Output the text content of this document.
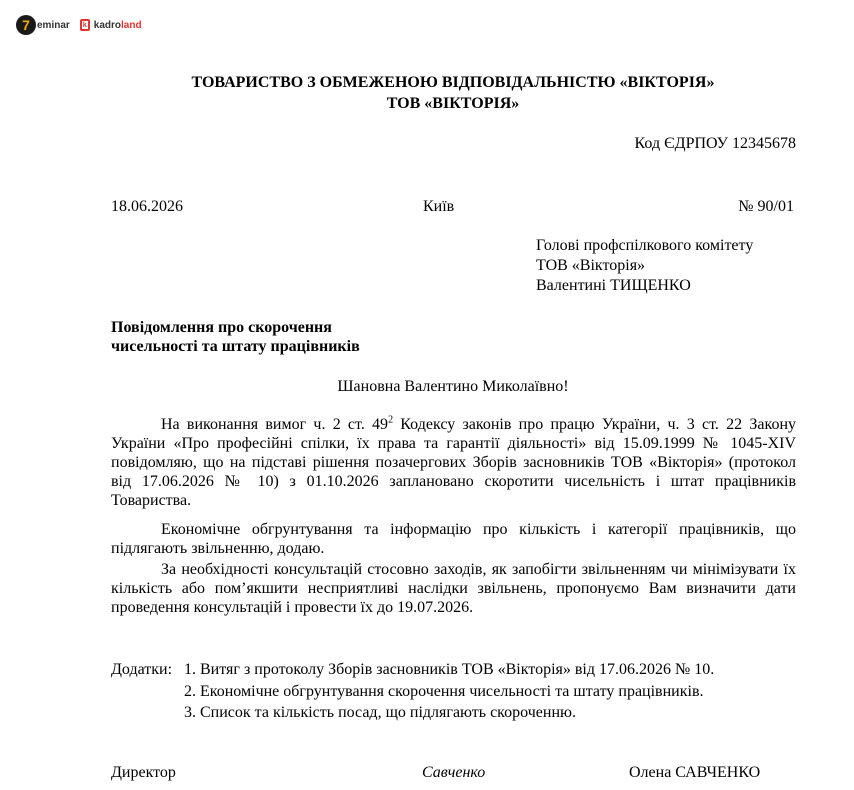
7 eminar	k kadroland
ТОВАРИСТВО З ОБМЕЖЕНОЮ ВІДПОВІДАЛЬНІСТЮ «ВІКТОРІЯ»
ТОВ «ВІКТОРІЯ»
Код ЄДРПОУ 12345678
18.06.2026	Київ	№ 90/01
Голові профспілкового комітету
ТОВ «Вікторія»
Валентині ТИЩЕНКО
Повідомлення про скорочення
чисельності та штату працівників
Шановна Валентино Миколаївно!
На виконання вимог ч. 2 ст. $49^2$ Кодексу законів про працю України, ч. 3 ст. 22 Закону України «Про професійні спілки, їх права та гарантії діяльності» від 15.09.1999 № 1045-XIV повідомляю, що на підставі рішення позачергових Зборів засновників ТОВ «Вікторія» (протокол від 17.06.2026 № 10) з 01.10.2026 заплановано скоротити чисельність і штат працівників Товариства.
Економічне обгрунтування та інформацію про кількість і категорії працівників, що підлягають звільненню, додаю.
За необхідності консультацій стосовно заходів, як запобігти звільненням чи мінімізувати їх кількість або пом’якшити несприятливі наслідки звільнень, пропонуємо Вам визначити дати проведення консультацій і провести їх до 19.07.2026.
Додатки: 1. Витяг з протоколу Зборів засновників ТОВ «Вікторія» від 17.06.2026 № 10.
2. Економічне обгрунтування скорочення чисельності та штату працівників.
3. Список та кількість посад, що підлягають скороченню.
Директор	Савченко	Олена САВЧЕНКО
